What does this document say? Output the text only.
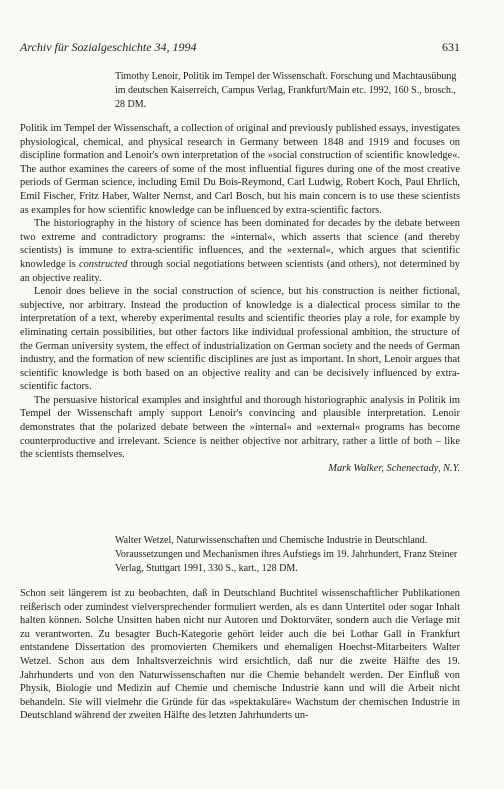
Archiv für Sozialgeschichte 34, 1994	631
Timothy Lenoir, Politik im Tempel der Wissenschaft. Forschung und Machtausübung im deutschen Kaiserreich, Campus Verlag, Frankfurt/Main etc. 1992, 160 S., brosch., 28 DM.

Politik im Tempel der Wissenschaft, a collection of original and previously published essays, investigates physiological, chemical, and physical research in Germany between 1848 and 1919 and focuses on discipline formation and Lenoir's own interpretation of the »social construction of scientific knowledge«. The author examines the careers of some of the most influential figures during one of the most creative periods of German science, including Emil Du Bois-Reymond, Carl Ludwig, Robert Koch, Paul Ehrlich, Emil Fischer, Fritz Haber, Walter Nernst, and Carl Bosch, but his main concern is to use these scientists as examples for how scientific knowledge can be influenced by extra-scientific factors.

The historiography in the history of science has been dominated for decades by the debate between two extreme and contradictory programs: the »internal«, which asserts that science (and thereby scientists) is immune to extra-scientific influences, and the »external«, which argues that scientific knowledge is constructed through social negotiations between scientists (and others), not determined by an objective reality.

Lenoir does believe in the social construction of science, but his construction is neither fictional, subjective, nor arbitrary. Instead the production of knowledge is a dialectical process similar to the interpretation of a text, whereby experimental results and scientific theories play a role, for example by eliminating certain possibilities, but other factors like individual professional ambition, the structure of the German university system, the effect of industrialization on German society and the needs of German industry, and the formation of new scientific disciplines are just as important. In short, Lenoir argues that scientific knowledge is both based on an objective reality and can be decisively influenced by extra-scientific factors.

The persuasive historical examples and insightful and thorough historiographic analysis in Politik im Tempel der Wissenschaft amply support Lenoir's convincing and plausible interpretation. Lenoir demonstrates that the polarized debate between the »internal« and »external« programs has become counterproductive and irrelevant. Science is neither objective nor arbitrary, rather a little of both – like the scientists themselves.

Mark Walker, Schenectady, N.Y.

Walter Wetzel, Naturwissenschaften und Chemische Industrie in Deutschland. Voraussetzungen und Mechanismen ihres Aufstiegs im 19. Jahrhundert, Franz Steiner Verlag, Stuttgart 1991, 330 S., kart., 128 DM.

Schon seit längerem ist zu beobachten, daß in Deutschland Buchtitel wissenschaftlicher Publikationen reißerisch oder zumindest vielversprechender formuliert werden, als es dann Untertitel oder sogar Inhalt halten können. Solche Unsitten haben nicht nur Autoren und Doktorväter, sondern auch die Verlage mit zu verantworten. Zu besagter Buch-Kategorie gehört leider auch die bei Lothar Gall in Frankfurt entstandene Dissertation des promovierten Chemikers und ehemaligen Hoechst-Mitarbeiters Walter Wetzel. Schon aus dem Inhaltsverzeichnis wird ersichtlich, daß nur die zweite Hälfte des 19. Jahrhunderts und von den Naturwissenschaften nur die Chemie behandelt werden. Der Einfluß von Physik, Biologie und Medizin auf Chemie und chemische Industrie kann und will die Arbeit nicht behandeln. Sie will vielmehr die Gründe für das »spektakuläre« Wachstum der chemischen Industrie in Deutschland während der zweiten Hälfte des letzten Jahrhunderts un-
